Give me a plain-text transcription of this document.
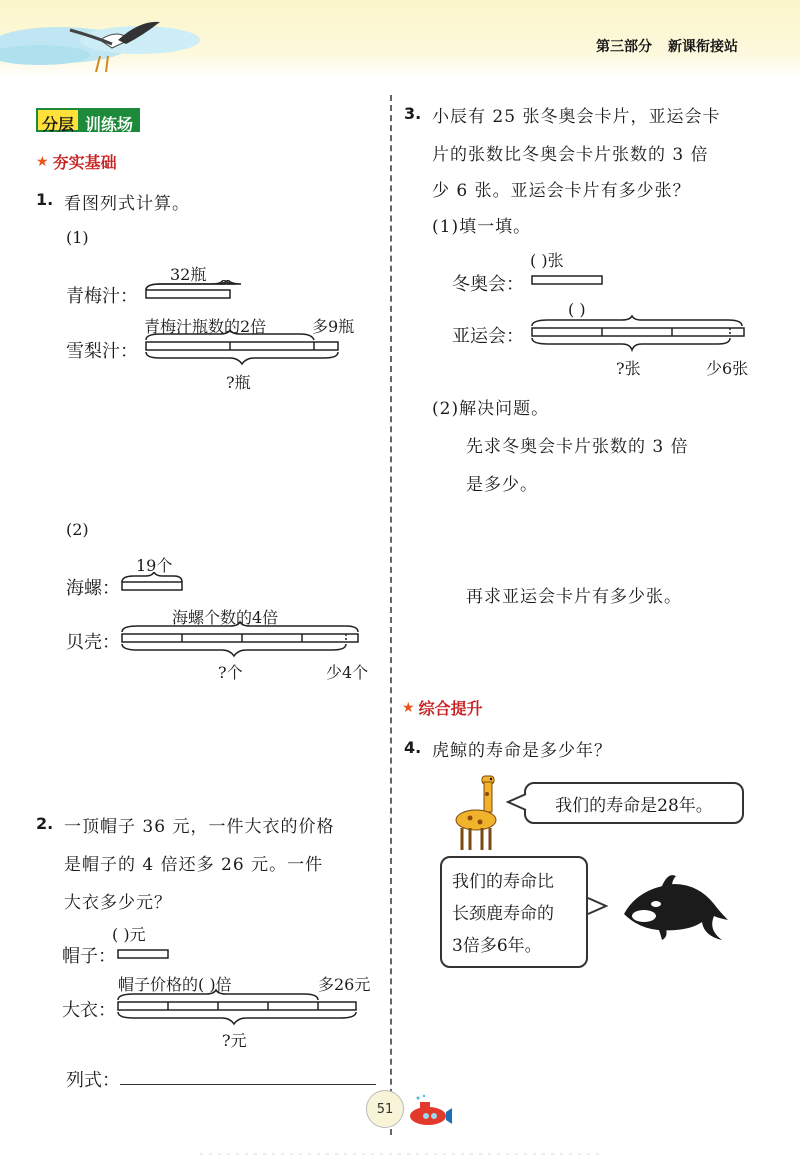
第三部分 新课衔接站
分层 训练场
★ 夯实基础
1. 看图列式计算。
(1)
青梅汁：
雪梨汁：
32瓶
青梅汁瓶数的2倍	多9瓶
?瓶
(2)
海螺：
贝壳：
19个
海螺个数的4倍
?个	少4个
2. 一顶帽子 36 元，一件大衣的价格
是帽子的 4 倍还多 26 元。一件
大衣多少元？
帽子：
大衣：
( )元
帽子价格的( )倍	多26元
?元
列式：
3. 小辰有 25 张冬奥会卡片，亚运会卡
片的张数比冬奥会卡片张数的 3 倍
少 6 张。亚运会卡片有多少张？
(1)填一填。
冬奥会：
亚运会：
( )张
( )
?张	少6张
(2)解决问题。
先求冬奥会卡片张数的 3 倍
是多少。
再求亚运会卡片有多少张。
★ 综合提升
4. 虎鲸的寿命是多少年？
我们的寿命是28年。
我们的寿命比
长颈鹿寿命的
3倍多6年。
51
